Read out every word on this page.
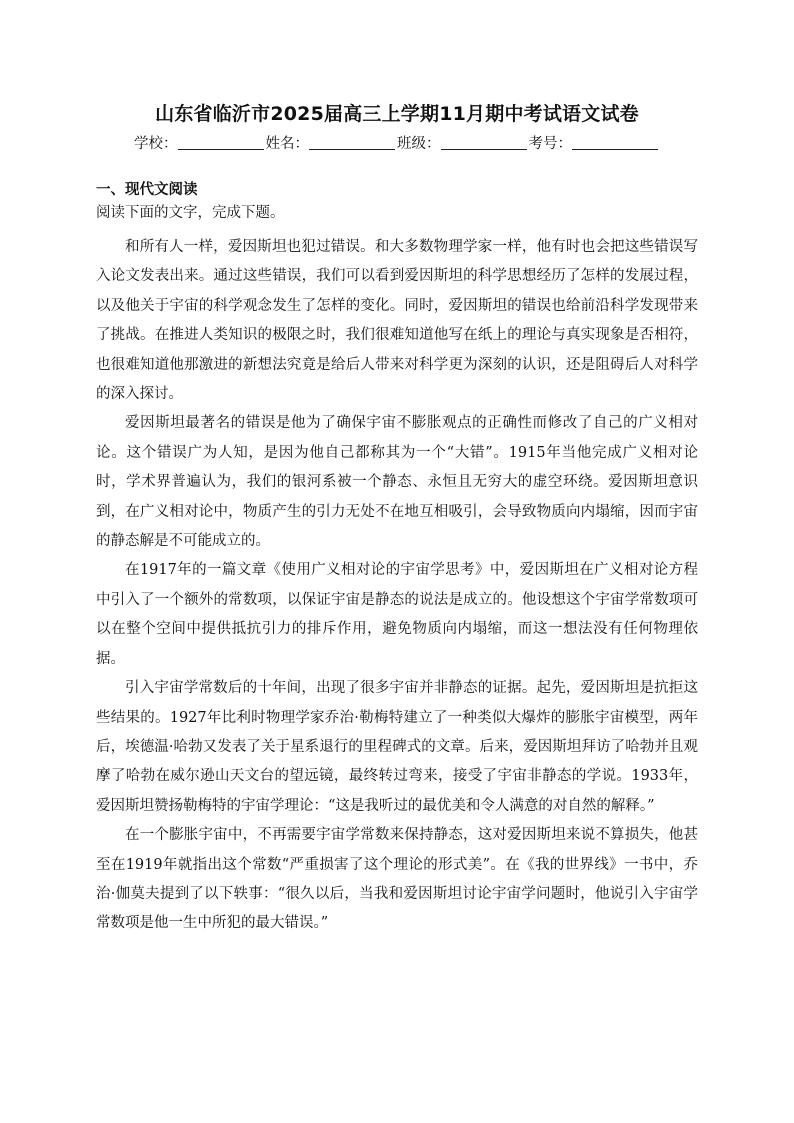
山东省临沂市2025届高三上学期11月期中考试语文试卷
学校：	姓名：	班级：	考号：
一、现代文阅读
阅读下面的文字，完成下题。

和所有人一样，爱因斯坦也犯过错误。和大多数物理学家一样，他有时也会把这些错误写入论文发表出来。通过这些错误，我们可以看到爱因斯坦的科学思想经历了怎样的发展过程，以及他关于宇宙的科学观念发生了怎样的变化。同时，爱因斯坦的错误也给前沿科学发现带来了挑战。在推进人类知识的极限之时，我们很难知道他写在纸上的理论与真实现象是否相符，也很难知道他那激进的新想法究竟是给后人带来对科学更为深刻的认识，还是阻碍后人对科学的深入探讨。

爱因斯坦最著名的错误是他为了确保宇宙不膨胀观点的正确性而修改了自己的广义相对论。这个错误广为人知，是因为他自己都称其为一个“大错”。1915年当他完成广义相对论时，学术界普遍认为，我们的银河系被一个静态、永恒且无穷大的虚空环绕。爱因斯坦意识到，在广义相对论中，物质产生的引力无处不在地互相吸引，会导致物质向内塌缩，因而宇宙的静态解是不可能成立的。

在1917年的一篇文章《使用广义相对论的宇宙学思考》中，爱因斯坦在广义相对论方程中引入了一个额外的常数项，以保证宇宙是静态的说法是成立的。他设想这个宇宙学常数项可以在整个空间中提供抵抗引力的排斥作用，避免物质向内塌缩，而这一想法没有任何物理依据。

引入宇宙学常数后的十年间，出现了很多宇宙并非静态的证据。起先，爱因斯坦是抗拒这些结果的。1927年比利时物理学家乔治·勒梅特建立了一种类似大爆炸的膨胀宇宙模型，两年后，埃德温·哈勃又发表了关于星系退行的里程碑式的文章。后来，爱因斯坦拜访了哈勃并且观摩了哈勃在威尔逊山天文台的望远镜，最终转过弯来，接受了宇宙非静态的学说。1933年，爱因斯坦赞扬勒梅特的宇宙学理论：“这是我听过的最优美和令人满意的对自然的解释。”

在一个膨胀宇宙中，不再需要宇宙学常数来保持静态，这对爱因斯坦来说不算损失，他甚至在1919年就指出这个常数“严重损害了这个理论的形式美”。在《我的世界线》一书中，乔治·伽莫夫提到了以下轶事：“很久以后，当我和爱因斯坦讨论宇宙学问题时，他说引入宇宙学常数项是他一生中所犯的最大错误。”
